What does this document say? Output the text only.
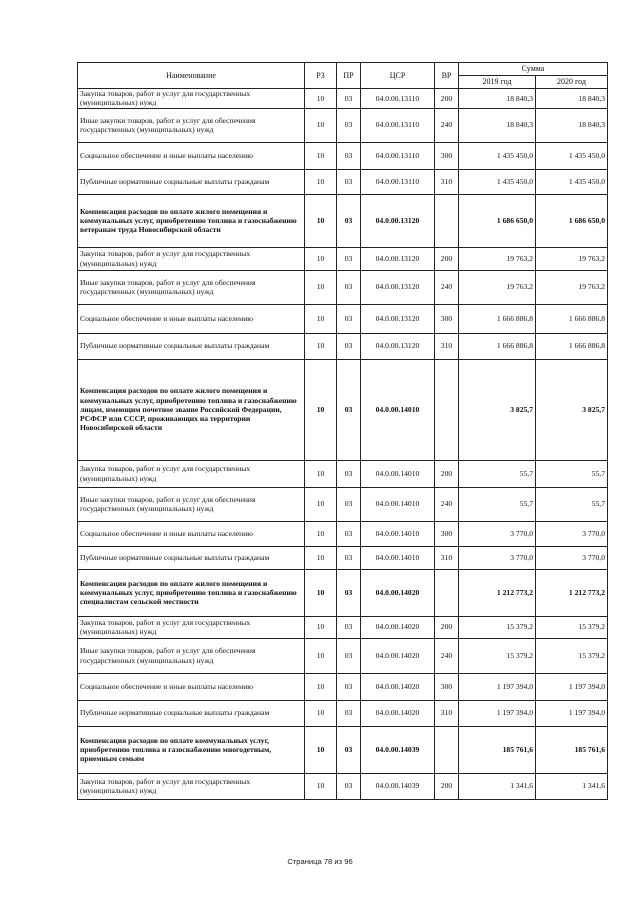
Наименование	РЗ	ПР	ЦСР	ВР	Сумма	
					2019 год	2020 год
Закупка товаров, работ и услуг для государственных (муниципальных) нужд	10	03	04.0.00.13110	200	18 840,3	18 840,3
Иные закупки товаров, работ и услуг для обеспечения государственных (муниципальных) нужд	10	03	04.0.00.13110	240	18 840,3	18 840,3
Социальное обеспечение и иные выплаты населению	10	03	04.0.00.13110	300	1 435 450,0	1 435 450,0
Публичные нормативные социальные выплаты гражданам	10	03	04.0.00.13110	310	1 435 450,0	1 435 450,0
Компенсация расходов по оплате жилого помещения и коммунальных услуг, приобретению топлива и газоснабжению ветеранам труда Новосибирской области	10	03	04.0.00.13120		1 686 650,0	1 686 650,0
Закупка товаров, работ и услуг для государственных (муниципальных) нужд	10	03	04.0.00.13120	200	19 763,2	19 763,2
Иные закупки товаров, работ и услуг для обеспечения государственных (муниципальных) нужд	10	03	04.0.00.13120	240	19 763,2	19 763,2
Социальное обеспечение и иные выплаты населению	10	03	04.0.00.13120	300	1 666 886,8	1 666 886,8
Публичные нормативные социальные выплаты гражданам	10	03	04.0.00.13120	310	1 666 886,8	1 666 886,8
Компенсация расходов по оплате жилого помещения и коммунальных услуг, приобретению топлива и газоснабжению лицам, имеющим почетное звание Российской Федерации, РСФСР или СССР, проживающих на территории Новосибирской области	10	03	04.0.00.14010		3 825,7	3 825,7
Закупка товаров, работ и услуг для государственных (муниципальных) нужд	10	03	04.0.00.14010	200	55,7	55,7
Иные закупки товаров, работ и услуг для обеспечения государственных (муниципальных) нужд	10	03	04.0.00.14010	240	55,7	55,7
Социальное обеспечение и иные выплаты населению	10	03	04.0.00.14010	300	3 770,0	3 770,0
Публичные нормативные социальные выплаты гражданам	10	03	04.0.00.14010	310	3 770,0	3 770,0
Компенсация расходов по оплате жилого помещения и коммунальных услуг, приобретению топлива и газоснабжению специалистам сельской местности	10	03	04.0.00.14020		1 212 773,2	1 212 773,2
Закупка товаров, работ и услуг для государственных (муниципальных) нужд	10	03	04.0.00.14020	200	15 379,2	15 379,2
Иные закупки товаров, работ и услуг для обеспечения государственных (муниципальных) нужд	10	03	04.0.00.14020	240	15 379,2	15 379,2
Социальное обеспечение и иные выплаты населению	10	03	04.0.00.14020	300	1 197 394,0	1 197 394,0
Публичные нормативные социальные выплаты гражданам	10	03	04.0.00.14020	310	1 197 394,0	1 197 394,0
Компенсация расходов по оплате коммунальных услуг, приобретению топлива и газоснабжению многодетным, приемным семьям	10	03	04.0.00.14039		185 761,6	185 761,6
Закупка товаров, работ и услуг для государственных (муниципальных) нужд	10	03	04.0.00.14039	200	1 341,6	1 341,6
Страница 78 из 96
